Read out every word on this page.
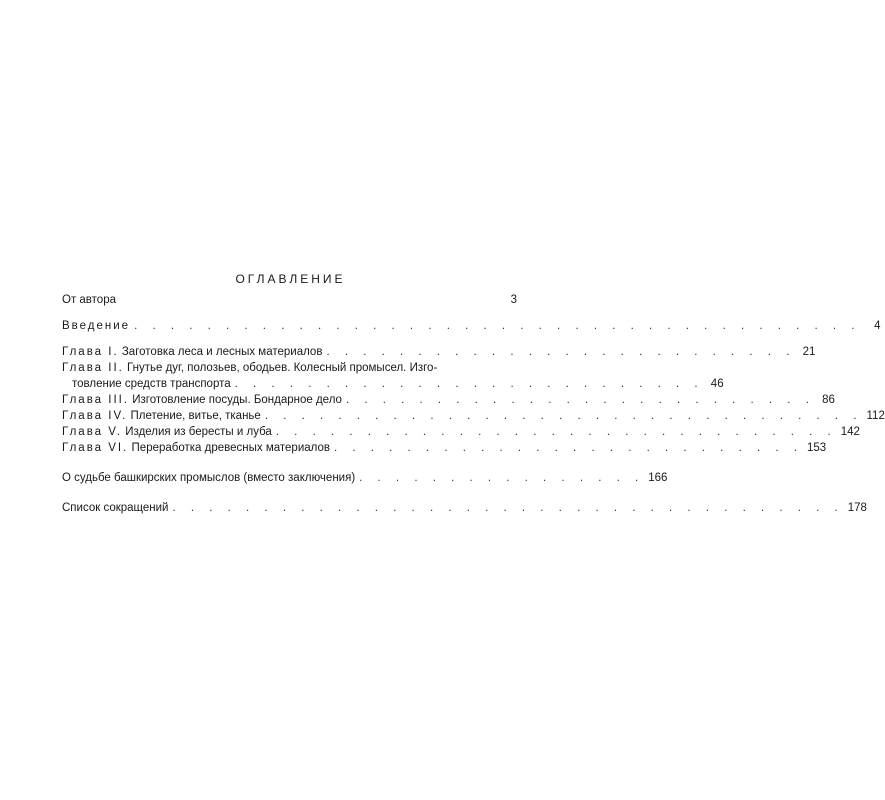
ОГЛАВЛЕНИЕ
От автора	3
Введение . . . . . . . . . . . . . . . . . . . . . . . . . . . . . . . . . . . . . . . .	4
Глава I. Заготовка леса и лесных материалов . . . . . . . . . . . . . . . . . . . . . . . . . . 21
Глава II. Гнутье дуг, полозьев, ободьев. Колесный промысел. Изго-
товление средств транспорта . . . . . . . . . . . . . . . . . . . . . . . . . . 46
Глава III. Изготовление посуды. Бондарное дело . . . . . . . . . . . . . . . . . . . . . . . . . . 86
Глава IV. Плетение, витье, тканье . . . . . . . . . . . . . . . . . . . . . . . . . . . . . . . . . 112
Глава V. Изделия из бересты и луба . . . . . . . . . . . . . . . . . . . . . . . . . . . . . . . 142
Глава VI. Переработка древесных материалов . . . . . . . . . . . . . . . . . . . . . . . . . . 153
О судьбе башкирских промыслов (вместо заключения) . . . . . . . . . . . . . . . . 166
Список сокращений . . . . . . . . . . . . . . . . . . . . . . . . . . . . . . . . . . . . . 178
